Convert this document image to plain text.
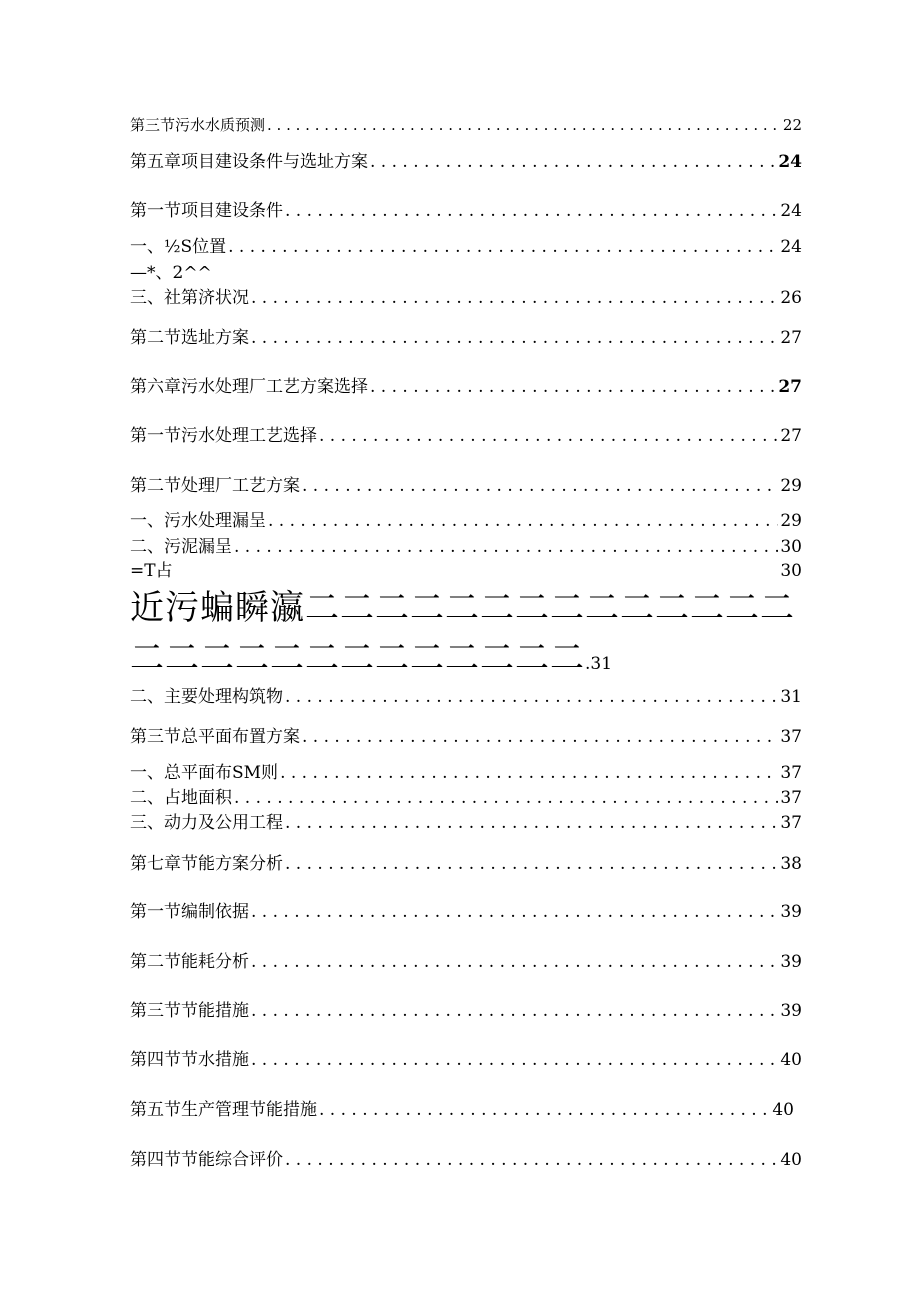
第三节污水水质预测 . . .	22
第五章项目建设条件与选址方案 . . .	24
第一节项目建设条件 . . .	24
一、½S位置 . . .	24
—*、2^^
三、社第济状况 . . .	26
第二节选址方案 . . .	27
第六章污水处理厂工艺方案选择 . . .	27
第一节污水处理工艺选择 . . .	27
第二节处理厂工艺方案 . . .	29
一、污水处理漏呈 . . .	29
二、污泥漏呈 . . .	30
=T占	30
近污蝙瞬瀛二二二二二二二二二二二二二二
二二二二二二二二二二二二二.31
二、主要处理构筑物 . . .	31
第三节总平面布置方案 . . .	37
一、总平面布SM则 . . .	37
二、占地面积 . . .	37
三、动力及公用工程 . . .	37
第七章节能方案分析 . . .	38
第一节编制依据 . . .	39
第二节能耗分析 . . .	39
第三节节能措施 . . .	39
第四节节水措施 . . .	40
第五节生产管理节能措施 . . .	40
第四节节能综合评价 . . .	40
